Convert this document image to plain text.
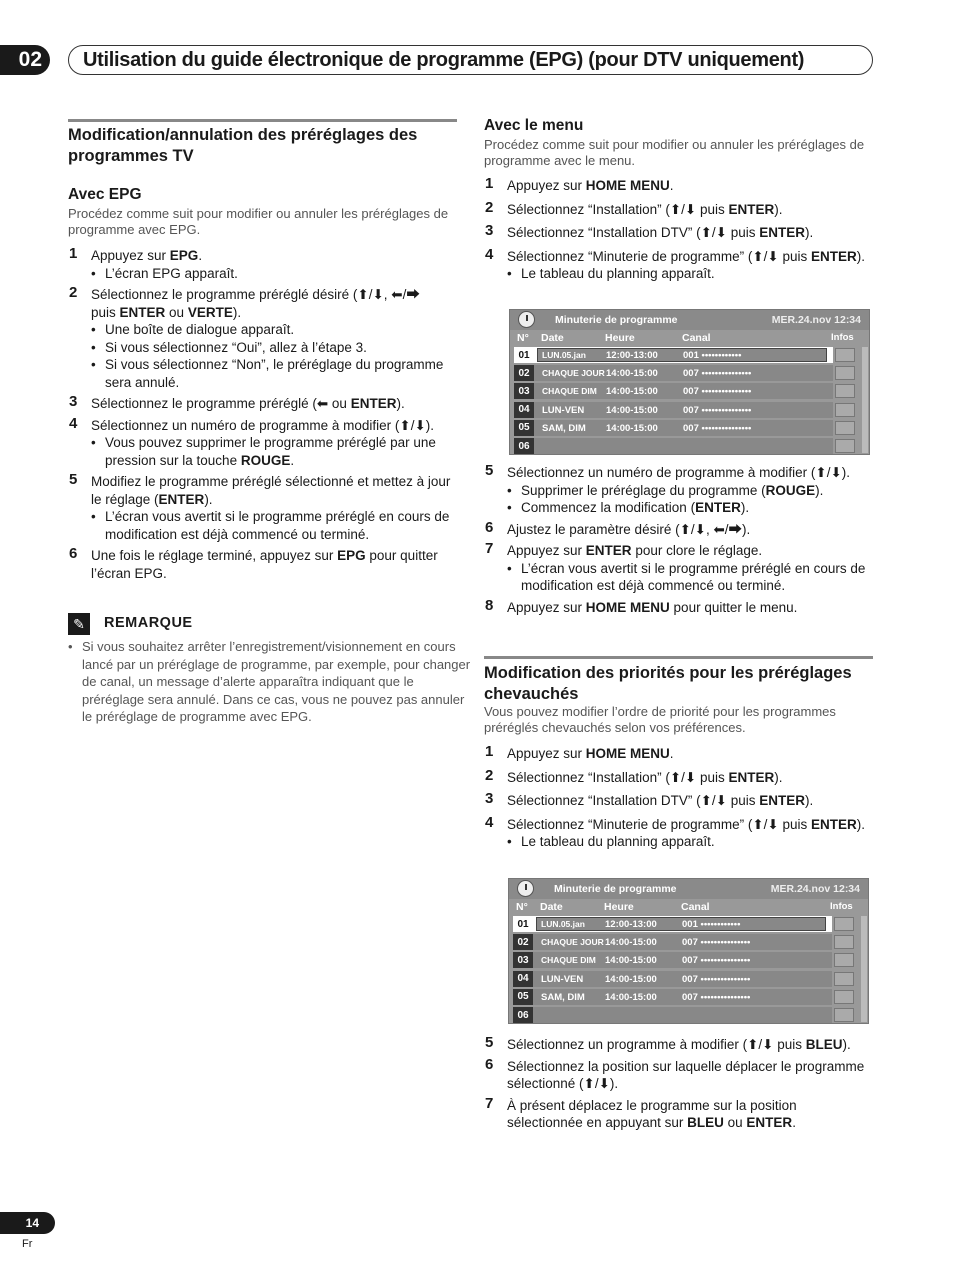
02	Utilisation du guide électronique de programme (EPG) (pour DTV uniquement)
Modification/annulation des préréglages des programmes TV
Avec EPG
Procédez comme suit pour modifier ou annuler les préréglages de programme avec EPG.
1 Appuyez sur EPG.
• L’écran EPG apparaît.
2 Sélectionnez le programme préréglé désiré (⬆/⬇, ⬅/⮕
puis ENTER ou VERTE).
• Une boîte de dialogue apparaît.
• Si vous sélectionnez “Oui”, allez à l’étape 3.
• Si vous sélectionnez “Non”, le préréglage du programme sera annulé.
3 Sélectionnez le programme préréglé (⬅ ou ENTER).
4 Sélectionnez un numéro de programme à modifier (⬆/⬇).
• Vous pouvez supprimer le programme préréglé par une pression sur la touche ROUGE.
5 Modifiez le programme préréglé sélectionné et mettez à jour le réglage (ENTER).
• L’écran vous avertit si le programme préréglé en cours de modification est déjà commencé ou terminé.
6 Une fois le réglage terminé, appuyez sur EPG pour quitter l’écran EPG.
✎	REMARQUE
• Si vous souhaitez arrêter l’enregistrement/visionnement en cours lancé par un préréglage de programme, par exemple, pour changer de canal, un message d’alerte apparaîtra indiquant que le préréglage sera annulé. Dans ce cas, vous ne pouvez pas annuler le préréglage de programme avec EPG.
Avec le menu
Procédez comme suit pour modifier ou annuler les préréglages de programme avec le menu.
1 Appuyez sur HOME MENU.
2 Sélectionnez “Installation” (⬆/⬇ puis ENTER).
3 Sélectionnez “Installation DTV” (⬆/⬇ puis ENTER).
4 Sélectionnez “Minuterie de programme” (⬆/⬇ puis ENTER).
• Le tableau du planning apparaît.
Minuterie de programme	MER.24.nov 12:34
N° Date	Heure	Canal	Infos
01	LUN.05.jan 12:00-13:00	001 ••••••••••••
02	CHAQUE JOUR 14:00-15:00	007 •••••••••••••••
03	CHAQUE DIM 14:00-15:00	007 •••••••••••••••
04	LUN-VEN 14:00-15:00	007 •••••••••••••••
05	SAM, DIM 14:00-15:00	007 •••••••••••••••
06
5 Sélectionnez un numéro de programme à modifier (⬆/⬇).
• Supprimer le préréglage du programme (ROUGE).
• Commencez la modification (ENTER).
6 Ajustez le paramètre désiré (⬆/⬇, ⬅/⮕).
7 Appuyez sur ENTER pour clore le réglage.
• L’écran vous avertit si le programme préréglé en cours de modification est déjà commencé ou terminé.
8 Appuyez sur HOME MENU pour quitter le menu.
Modification des priorités pour les préréglages chevauchés
Vous pouvez modifier l’ordre de priorité pour les programmes préréglés chevauchés selon vos préférences.
1 Appuyez sur HOME MENU.
2 Sélectionnez “Installation” (⬆/⬇ puis ENTER).
3 Sélectionnez “Installation DTV” (⬆/⬇ puis ENTER).
4 Sélectionnez “Minuterie de programme” (⬆/⬇ puis ENTER).
• Le tableau du planning apparaît.
Minuterie de programme	MER.24.nov 12:34
N° Date	Heure	Canal	Infos
01	LUN.05.jan 12:00-13:00	001 ••••••••••••
02	CHAQUE JOUR 14:00-15:00	007 •••••••••••••••
03	CHAQUE DIM 14:00-15:00	007 •••••••••••••••
04	LUN-VEN 14:00-15:00	007 •••••••••••••••
05	SAM, DIM 14:00-15:00	007 •••••••••••••••
06
5 Sélectionnez un programme à modifier (⬆/⬇ puis BLEU).
6 Sélectionnez la position sur laquelle déplacer le programme sélectionné (⬆/⬇).
7 À présent déplacez le programme sur la position sélectionnée en appuyant sur BLEU ou ENTER.
14
Fr
